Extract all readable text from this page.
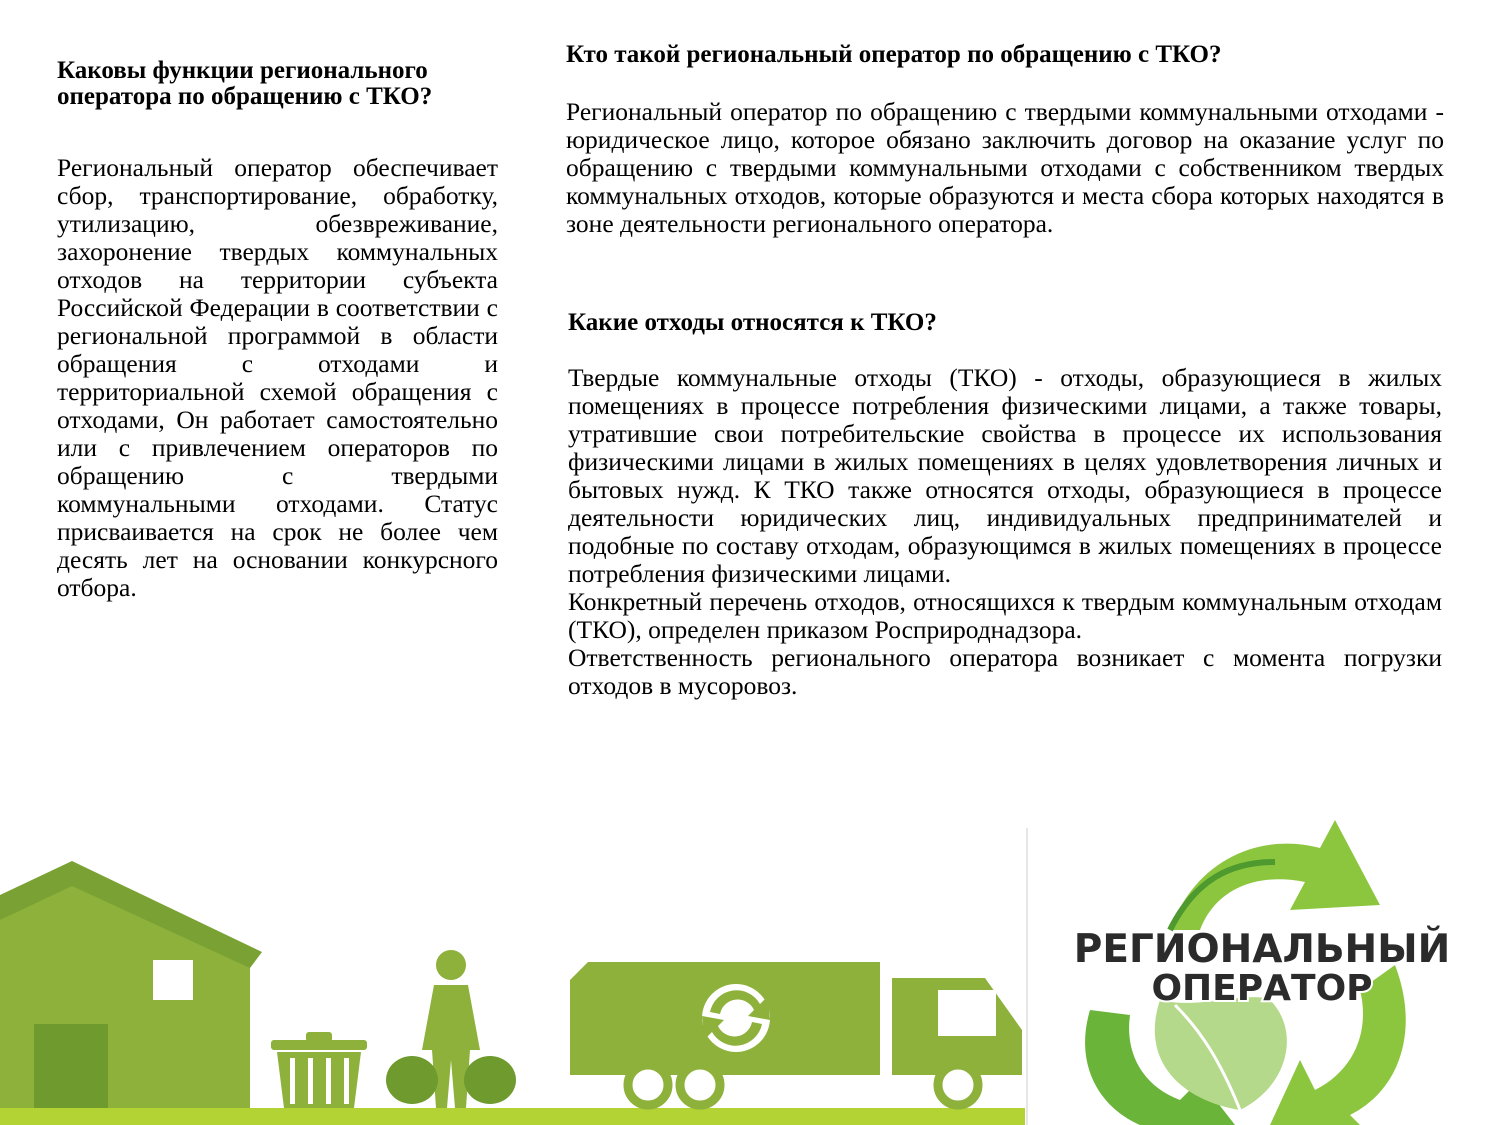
Каковы функции регионального оператора по обращению с ТКО?

Региональный оператор обеспечивает сбор, транспортирование, обработку, утилизацию, обезвреживание, захоронение твердых коммунальных отходов на территории субъекта Российской Федерации в соответствии с региональной программой в области обращения с отходами и территориальной схемой обращения с отходами, Он работает самостоятельно или с привлечением операторов по обращению с твердыми коммунальными отходами. Статус присваивается на срок не более чем десять лет на основании конкурсного отбора.

Кто такой региональный оператор по обращению с ТКО?

Региональный оператор по обращению с твердыми коммунальными отходами - юридическое лицо, которое обязано заключить договор на оказание услуг по обращению с твердыми коммунальными отходами с собственником твердых коммунальных отходов, которые образуются и места сбора которых находятся в зоне деятельности регионального оператора.

Какие отходы относятся к ТКО?

Твердые коммунальные отходы (ТКО) - отходы, образующиеся в жилых помещениях в процессе потребления физическими лицами, а также товары, утратившие свои потребительские свойства в процессе их использования физическими лицами в жилых помещениях в целях удовлетворения личных и бытовых нужд. К ТКО также относятся отходы, образующиеся в процессе деятельности юридических лиц, индивидуальных предпринимателей и подобные по составу отходам, образующимся в жилых помещениях в процессе потребления физическими лицами.

Конкретный перечень отходов, относящихся к твердым коммунальным отходам (ТКО), определен приказом Росприроднадзора.

Ответственность регионального оператора возникает с момента погрузки отходов в мусоровоз.

РЕГИОНАЛЬНЫЙ
ОПЕРАТОР
